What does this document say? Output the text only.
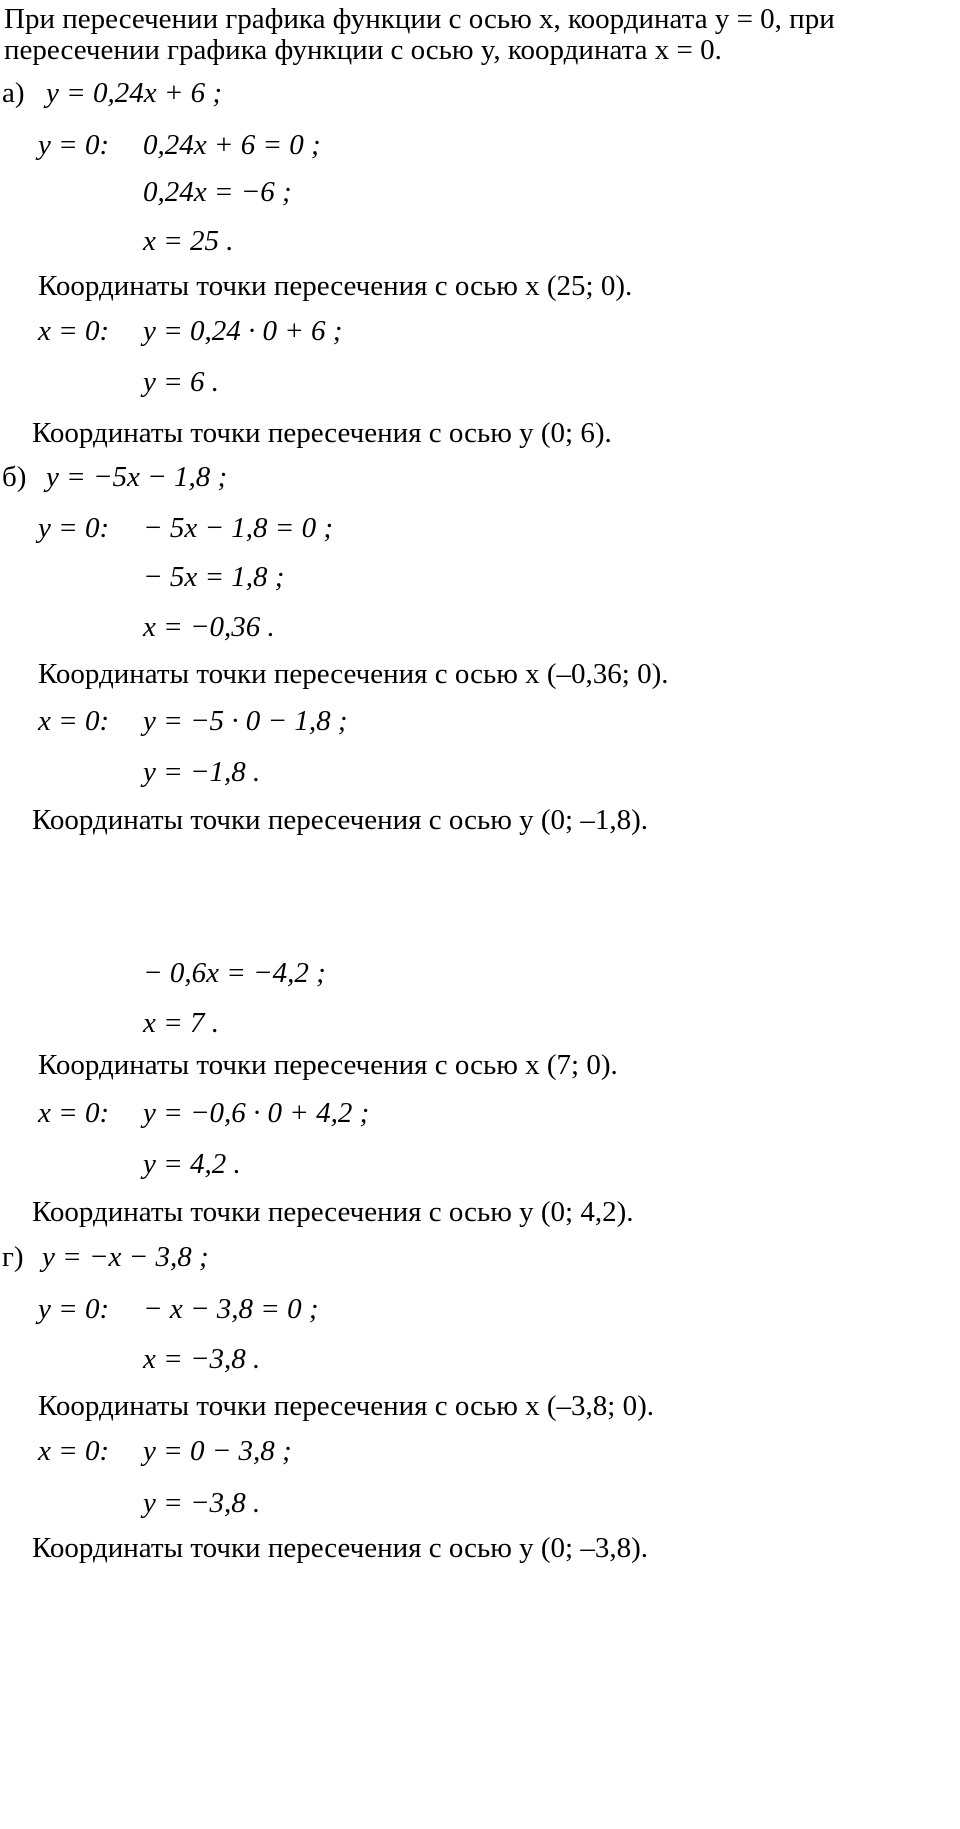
При пересечении графика функции с осью x, координата y = 0, при
пересечении графика функции с осью y, координата x = 0.
а) y = 0,24x + 6 ;
y = 0: 0,24x + 6 = 0 ;
0,24x = −6 ;
x = 25 .
Координаты точки пересечения с осью x (25; 0).
x = 0: y = 0,24 · 0 + 6 ;
y = 6 .
Координаты точки пересечения с осью y (0; 6).
б) y = −5x − 1,8 ;
y = 0: − 5x − 1,8 = 0 ;
− 5x = 1,8 ;
x = −0,36 .
Координаты точки пересечения с осью x (–0,36; 0).
x = 0: y = −5 · 0 − 1,8 ;
y = −1,8 .
Координаты точки пересечения с осью y (0; –1,8).
− 0,6x = −4,2 ;
x = 7 .
Координаты точки пересечения с осью x (7; 0).
x = 0: y = −0,6 · 0 + 4,2 ;
y = 4,2 .
Координаты точки пересечения с осью y (0; 4,2).
г) y = −x − 3,8 ;
y = 0: − x − 3,8 = 0 ;
x = −3,8 .
Координаты точки пересечения с осью x (–3,8; 0).
x = 0: y = 0 − 3,8 ;
y = −3,8 .
Координаты точки пересечения с осью y (0; –3,8).
